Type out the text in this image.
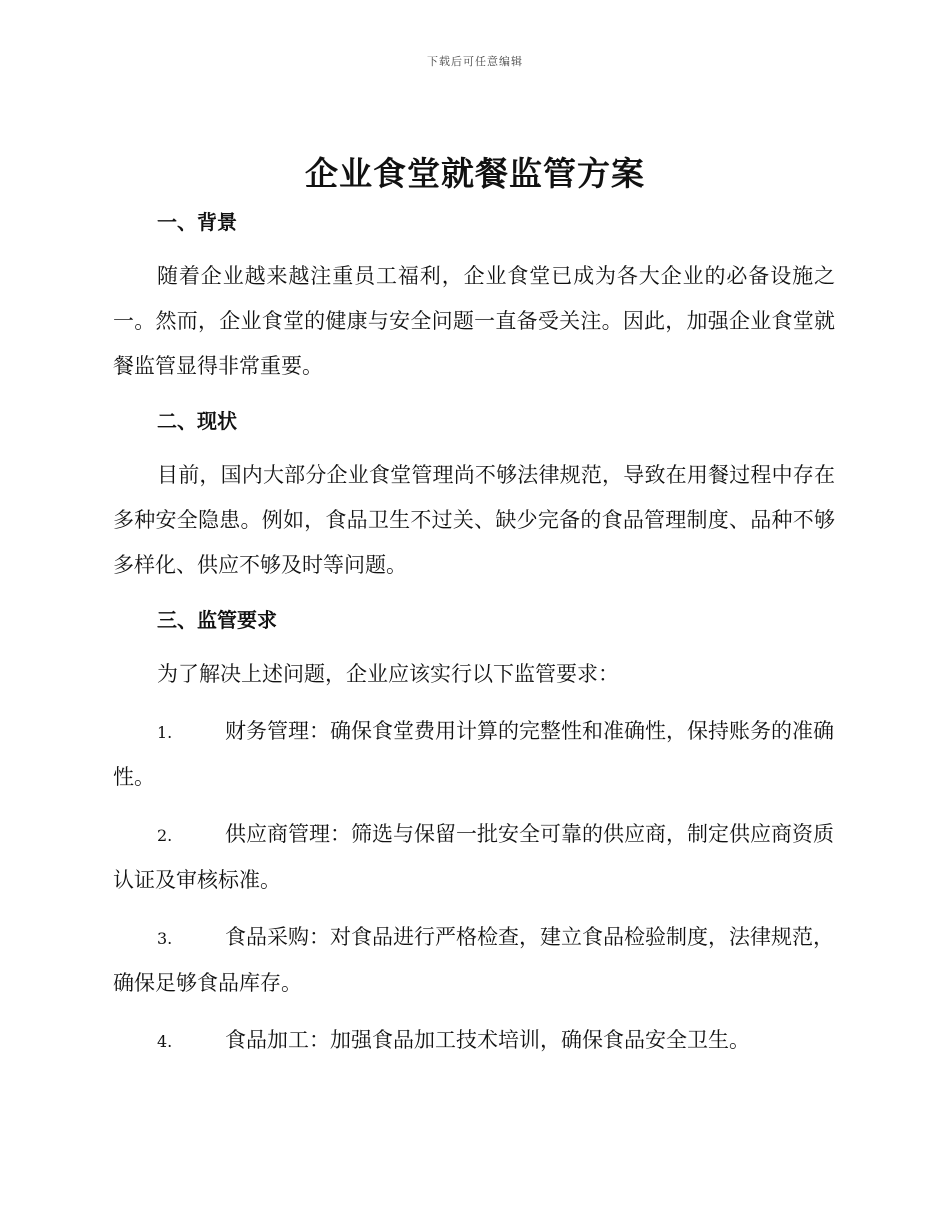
下载后可任意编辑
企业食堂就餐监管方案
一、背景
随着企业越来越注重员工福利，企业食堂已成为各大企业的必备设施之一。然而，企业食堂的健康与安全问题一直备受关注。因此，加强企业食堂就餐监管显得非常重要。
二、现状
目前，国内大部分企业食堂管理尚不够法律规范，导致在用餐过程中存在多种安全隐患。例如，食品卫生不过关、缺少完备的食品管理制度、品种不够多样化、供应不够及时等问题。
三、监管要求
为了解决上述问题，企业应该实行以下监管要求：
1.	财务管理：确保食堂费用计算的完整性和准确性，保持账务的准确性。
2.	供应商管理：筛选与保留一批安全可靠的供应商，制定供应商资质认证及审核标准。
3.	食品采购：对食品进行严格检查，建立食品检验制度，法律规范，确保足够食品库存。
4.	食品加工：加强食品加工技术培训，确保食品安全卫生。
